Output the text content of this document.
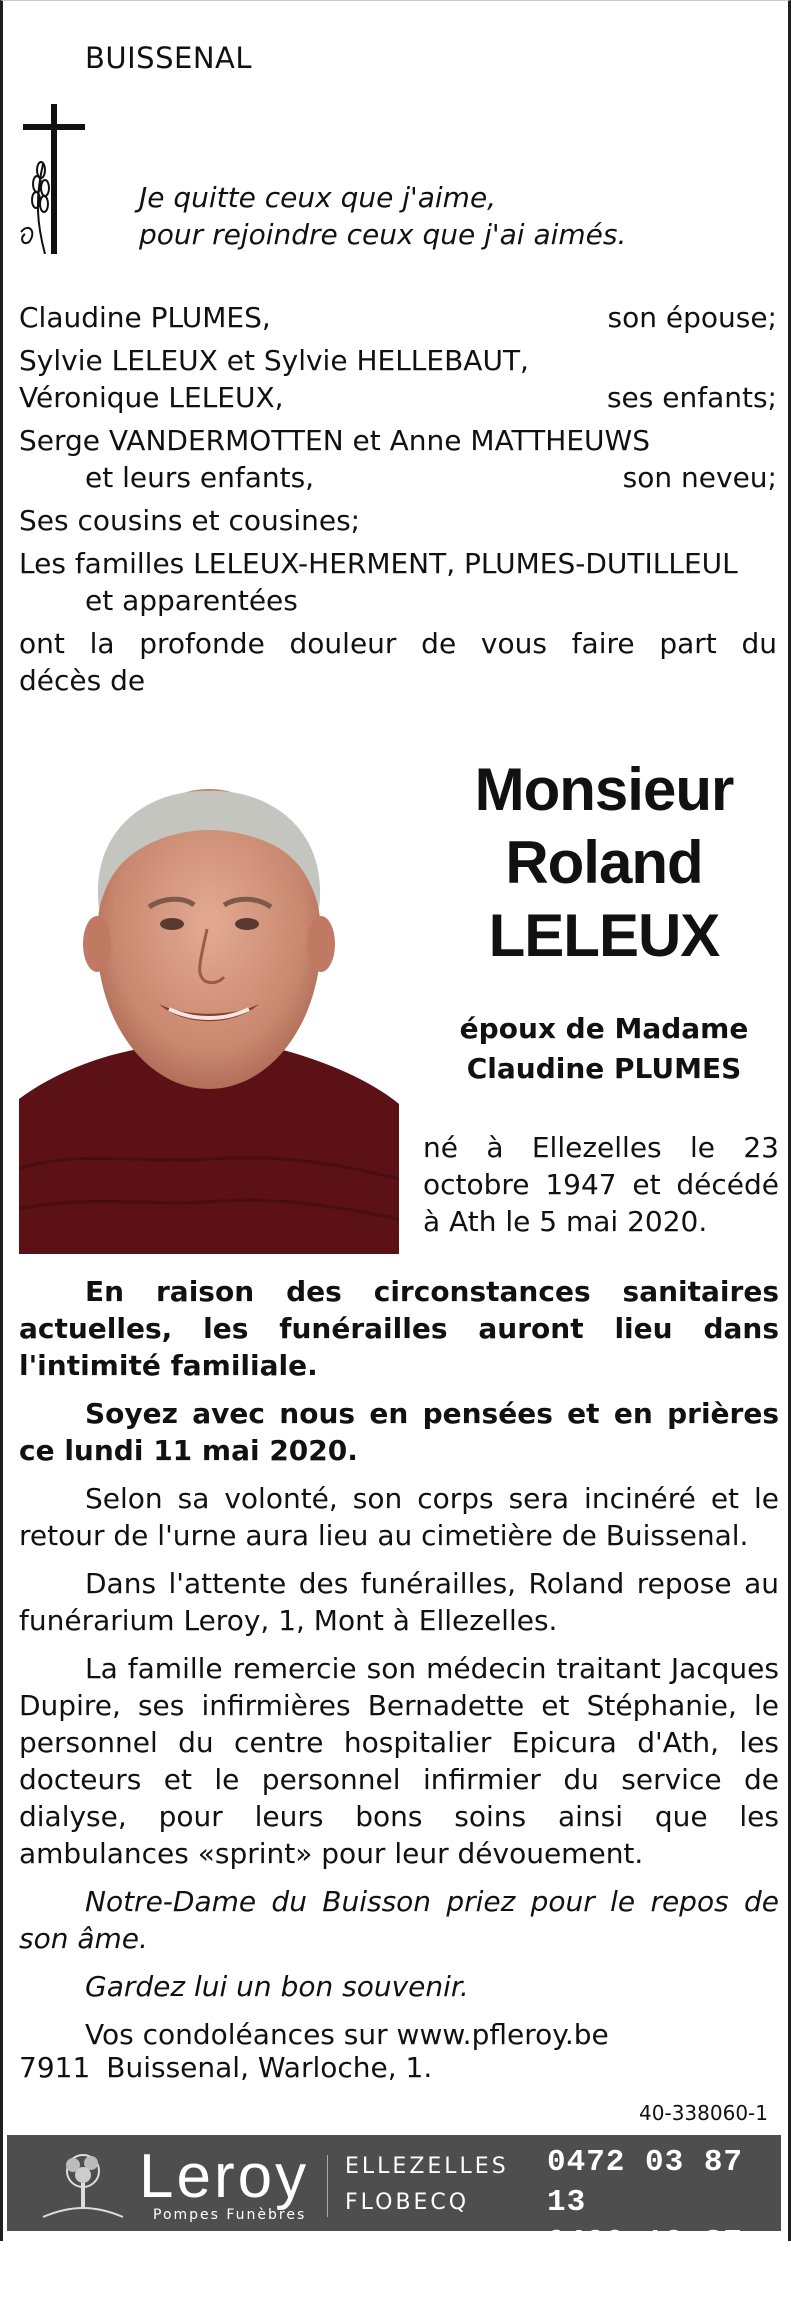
BUISSENAL
Je quitte ceux que j'aime,
pour rejoindre ceux que j'ai aimés.
Claudine PLUMES,	son épouse;
Sylvie LELEUX et Sylvie HELLEBAUT,
Véronique LELEUX,	ses enfants;
Serge VANDERMOTTEN et Anne MATTHEUWS
et leurs enfants,	son neveu;
Ses cousins et cousines;
Les familles LELEUX-HERMENT, PLUMES-DUTILLEUL
et apparentées
ont la profonde douleur de vous faire part du
décès de
Monsieur
Roland
LELEUX
époux de Madame
Claudine PLUMES

né à Ellezelles le 23 octobre 1947 et décédé à Ath le 5 mai 2020.

En raison des circonstances sanitaires actuelles, les funérailles auront lieu dans l'intimité familiale.

Soyez avec nous en pensées et en prières ce lundi 11 mai 2020.

Selon sa volonté, son corps sera incinéré et le retour de l'urne aura lieu au cimetière de Buissenal.

Dans l'attente des funérailles, Roland repose au funérarium Leroy, 1, Mont à Ellezelles.

La famille remercie son médecin traitant Jacques Dupire, ses infirmières Bernadette et Stéphanie, le personnel du centre hospitalier Epicura d'Ath, les docteurs et le personnel infirmier du service de dialyse, pour leurs bons soins ainsi que les ambulances «sprint» pour leur dévouement.

Notre-Dame du Buisson priez pour le repos de son âme.

Gardez lui un bon souvenir.

Vos condoléances sur www.pfleroy.be

7911 Buissenal, Warloche, 1.
40-338060-1
Leroy
Pompes Funèbres
ELLEZELLES
FLOBECQ
0472 03 87 13
0499 19 87 14
